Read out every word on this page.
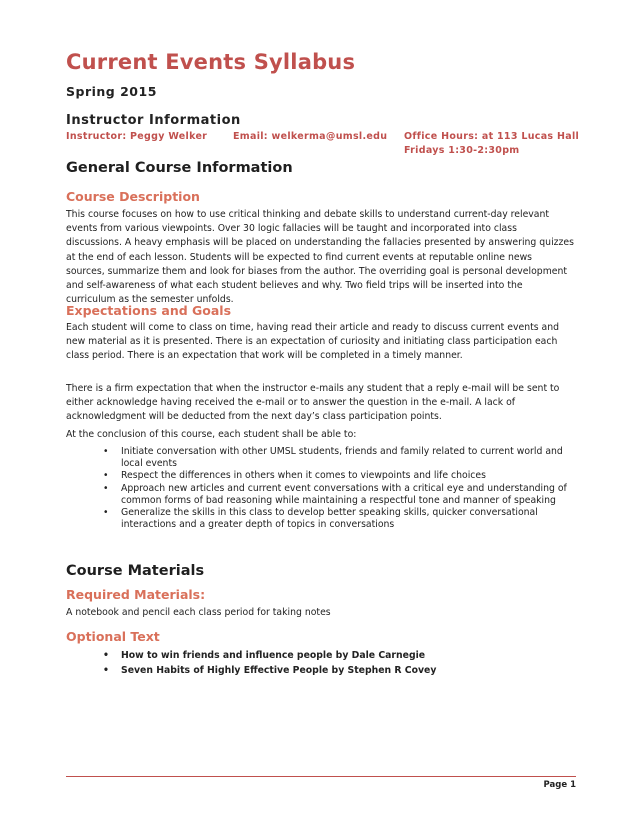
Current Events Syllabus
Spring 2015
Instructor Information
Instructor: Peggy Welker	Email: welkerma@umsl.edu Office Hours: at 113 Lucas Hall
Fridays 1:30-2:30pm
General Course Information
Course Description
This course focuses on how to use critical thinking and debate skills to understand current-day relevant
events from various viewpoints. Over 30 logic fallacies will be taught and incorporated into class
discussions. A heavy emphasis will be placed on understanding the fallacies presented by answering quizzes
at the end of each lesson. Students will be expected to find current events at reputable online news
sources, summarize them and look for biases from the author. The overriding goal is personal development
and self-awareness of what each student believes and why. Two field trips will be inserted into the
curriculum as the semester unfolds.
Expectations and Goals
Each student will come to class on time, having read their article and ready to discuss current events and
new material as it is presented. There is an expectation of curiosity and initiating class participation each
class period. There is an expectation that work will be completed in a timely manner.
There is a firm expectation that when the instructor e-mails any student that a reply e-mail will be sent to
either acknowledge having received the e-mail or to answer the question in the e-mail. A lack of
acknowledgment will be deducted from the next day’s class participation points.
At the conclusion of this course, each student shall be able to:
• Initiate conversation with other UMSL students, friends and family related to current world and
local events
• Respect the differences in others when it comes to viewpoints and life choices
• Approach new articles and current event conversations with a critical eye and understanding of
common forms of bad reasoning while maintaining a respectful tone and manner of speaking
• Generalize the skills in this class to develop better speaking skills, quicker conversational
interactions and a greater depth of topics in conversations
Course Materials
Required Materials:
A notebook and pencil each class period for taking notes
Optional Text
• How to win friends and influence people by Dale Carnegie
• Seven Habits of Highly Effective People by Stephen R Covey
Page 1
